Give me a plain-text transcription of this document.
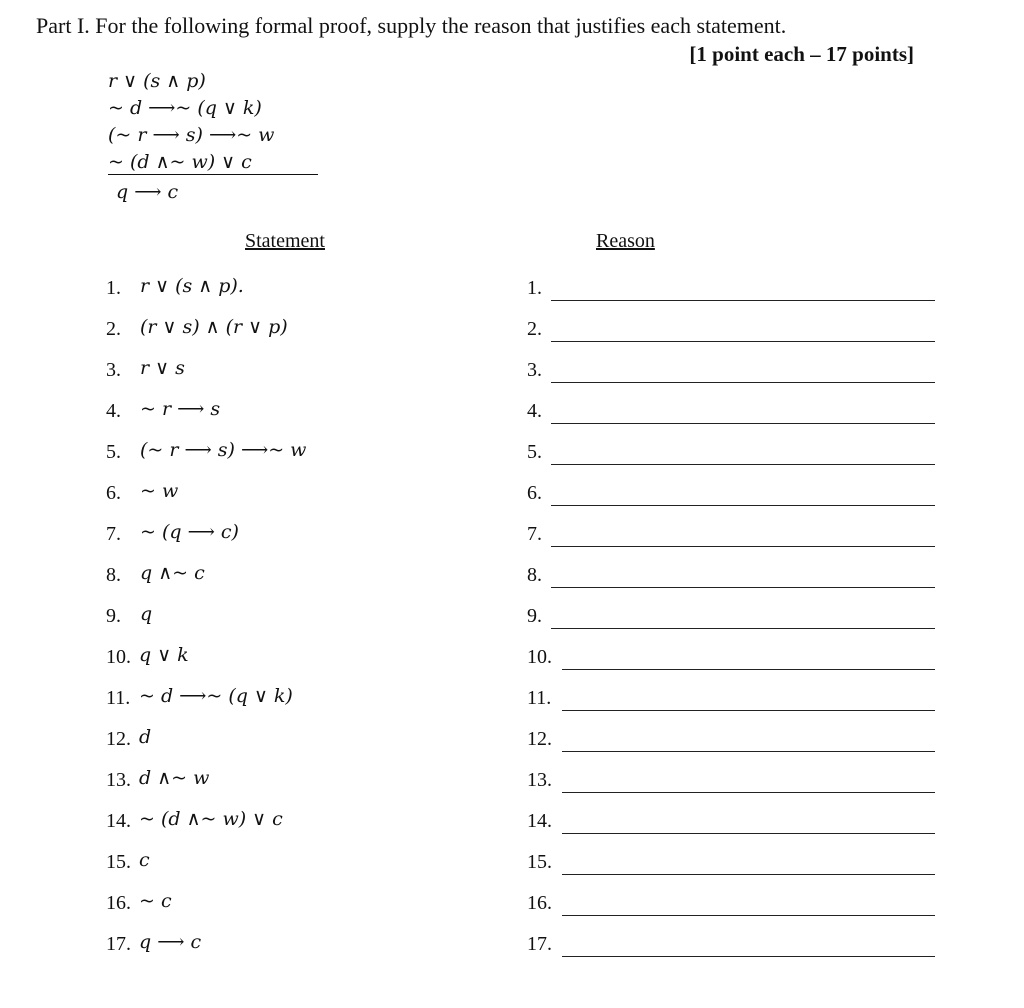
Part I. For the following formal proof, supply the reason that justifies each statement.
[1 point each – 17 points]
r ∨ (s ∧ p)
~ d ⟶~ (q ∨ k)
(~ r ⟶ s) ⟶~ w
~ (d ∧~ w) ∨ c
q ⟶ c
Statement	Reason
1. r ∨ (s ∧ p).	1.
2. (r ∨ s) ∧ (r ∨ p)	2.
3. r ∨ s	3.
4. ~ r ⟶ s	4.
5. (~ r ⟶ s) ⟶~ w	5.
6. ~ w	6.
7. ~ (q ⟶ c)	7.
8. q ∧~ c	8.
9. q	9.
10. q ∨ k	10.
11. ~ d ⟶~ (q ∨ k)	11.
12. d	12.
13. d ∧~ w	13.
14. ~ (d ∧~ w) ∨ c	14.
15. c	15.
16. ~ c	16.
17. q ⟶ c	17.
